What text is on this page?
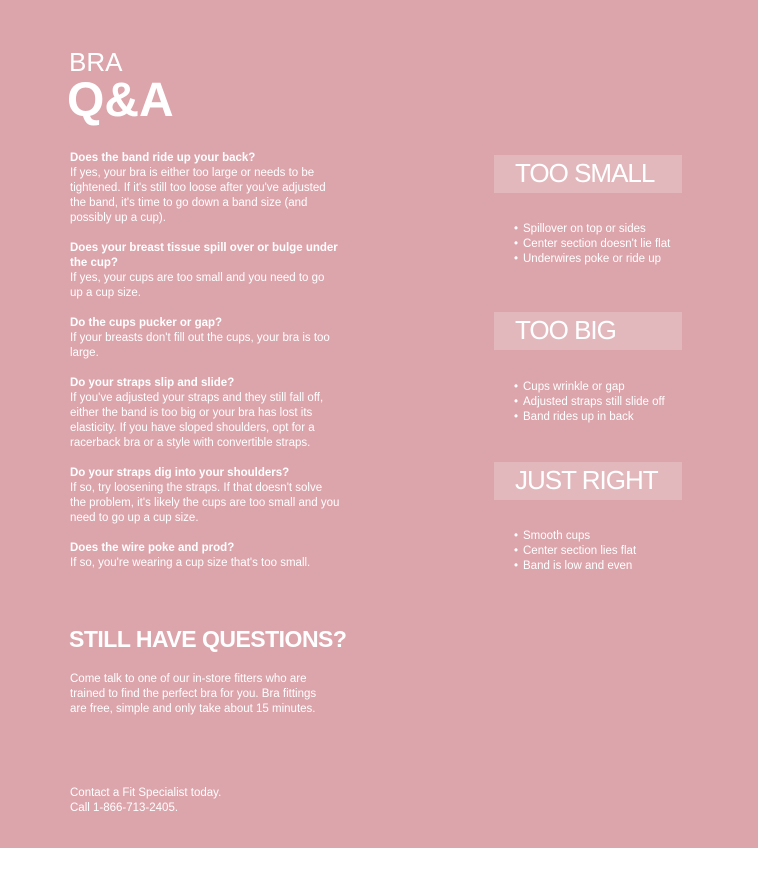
BRA
Q&A
Does the band ride up your back?
If yes, your bra is either too large or needs to be tightened. If it's still too loose after you've adjusted the band, it's time to go down a band size (and possibly up a cup).
Does your breast tissue spill over or bulge under the cup?
If yes, your cups are too small and you need to go up a cup size.
Do the cups pucker or gap?
If your breasts don't fill out the cups, your bra is too large.
Do your straps slip and slide?
If you've adjusted your straps and they still fall off, either the band is too big or your bra has lost its elasticity. If you have sloped shoulders, opt for a racerback bra or a style with convertible straps.
Do your straps dig into your shoulders?
If so, try loosening the straps. If that doesn't solve the problem, it's likely the cups are too small and you need to go up a cup size.
Does the wire poke and prod?
If so, you're wearing a cup size that's too small.
STILL HAVE QUESTIONS?
Come talk to one of our in-store fitters who are trained to find the perfect bra for you. Bra fittings are free, simple and only take about 15 minutes.
Contact a Fit Specialist today.
Call 1-866-713-2405.
TOO SMALL
• Spillover on top or sides
• Center section doesn't lie flat
• Underwires poke or ride up
TOO BIG
• Cups wrinkle or gap
• Adjusted straps still slide off
• Band rides up in back
JUST RIGHT
• Smooth cups
• Center section lies flat
• Band is low and even
